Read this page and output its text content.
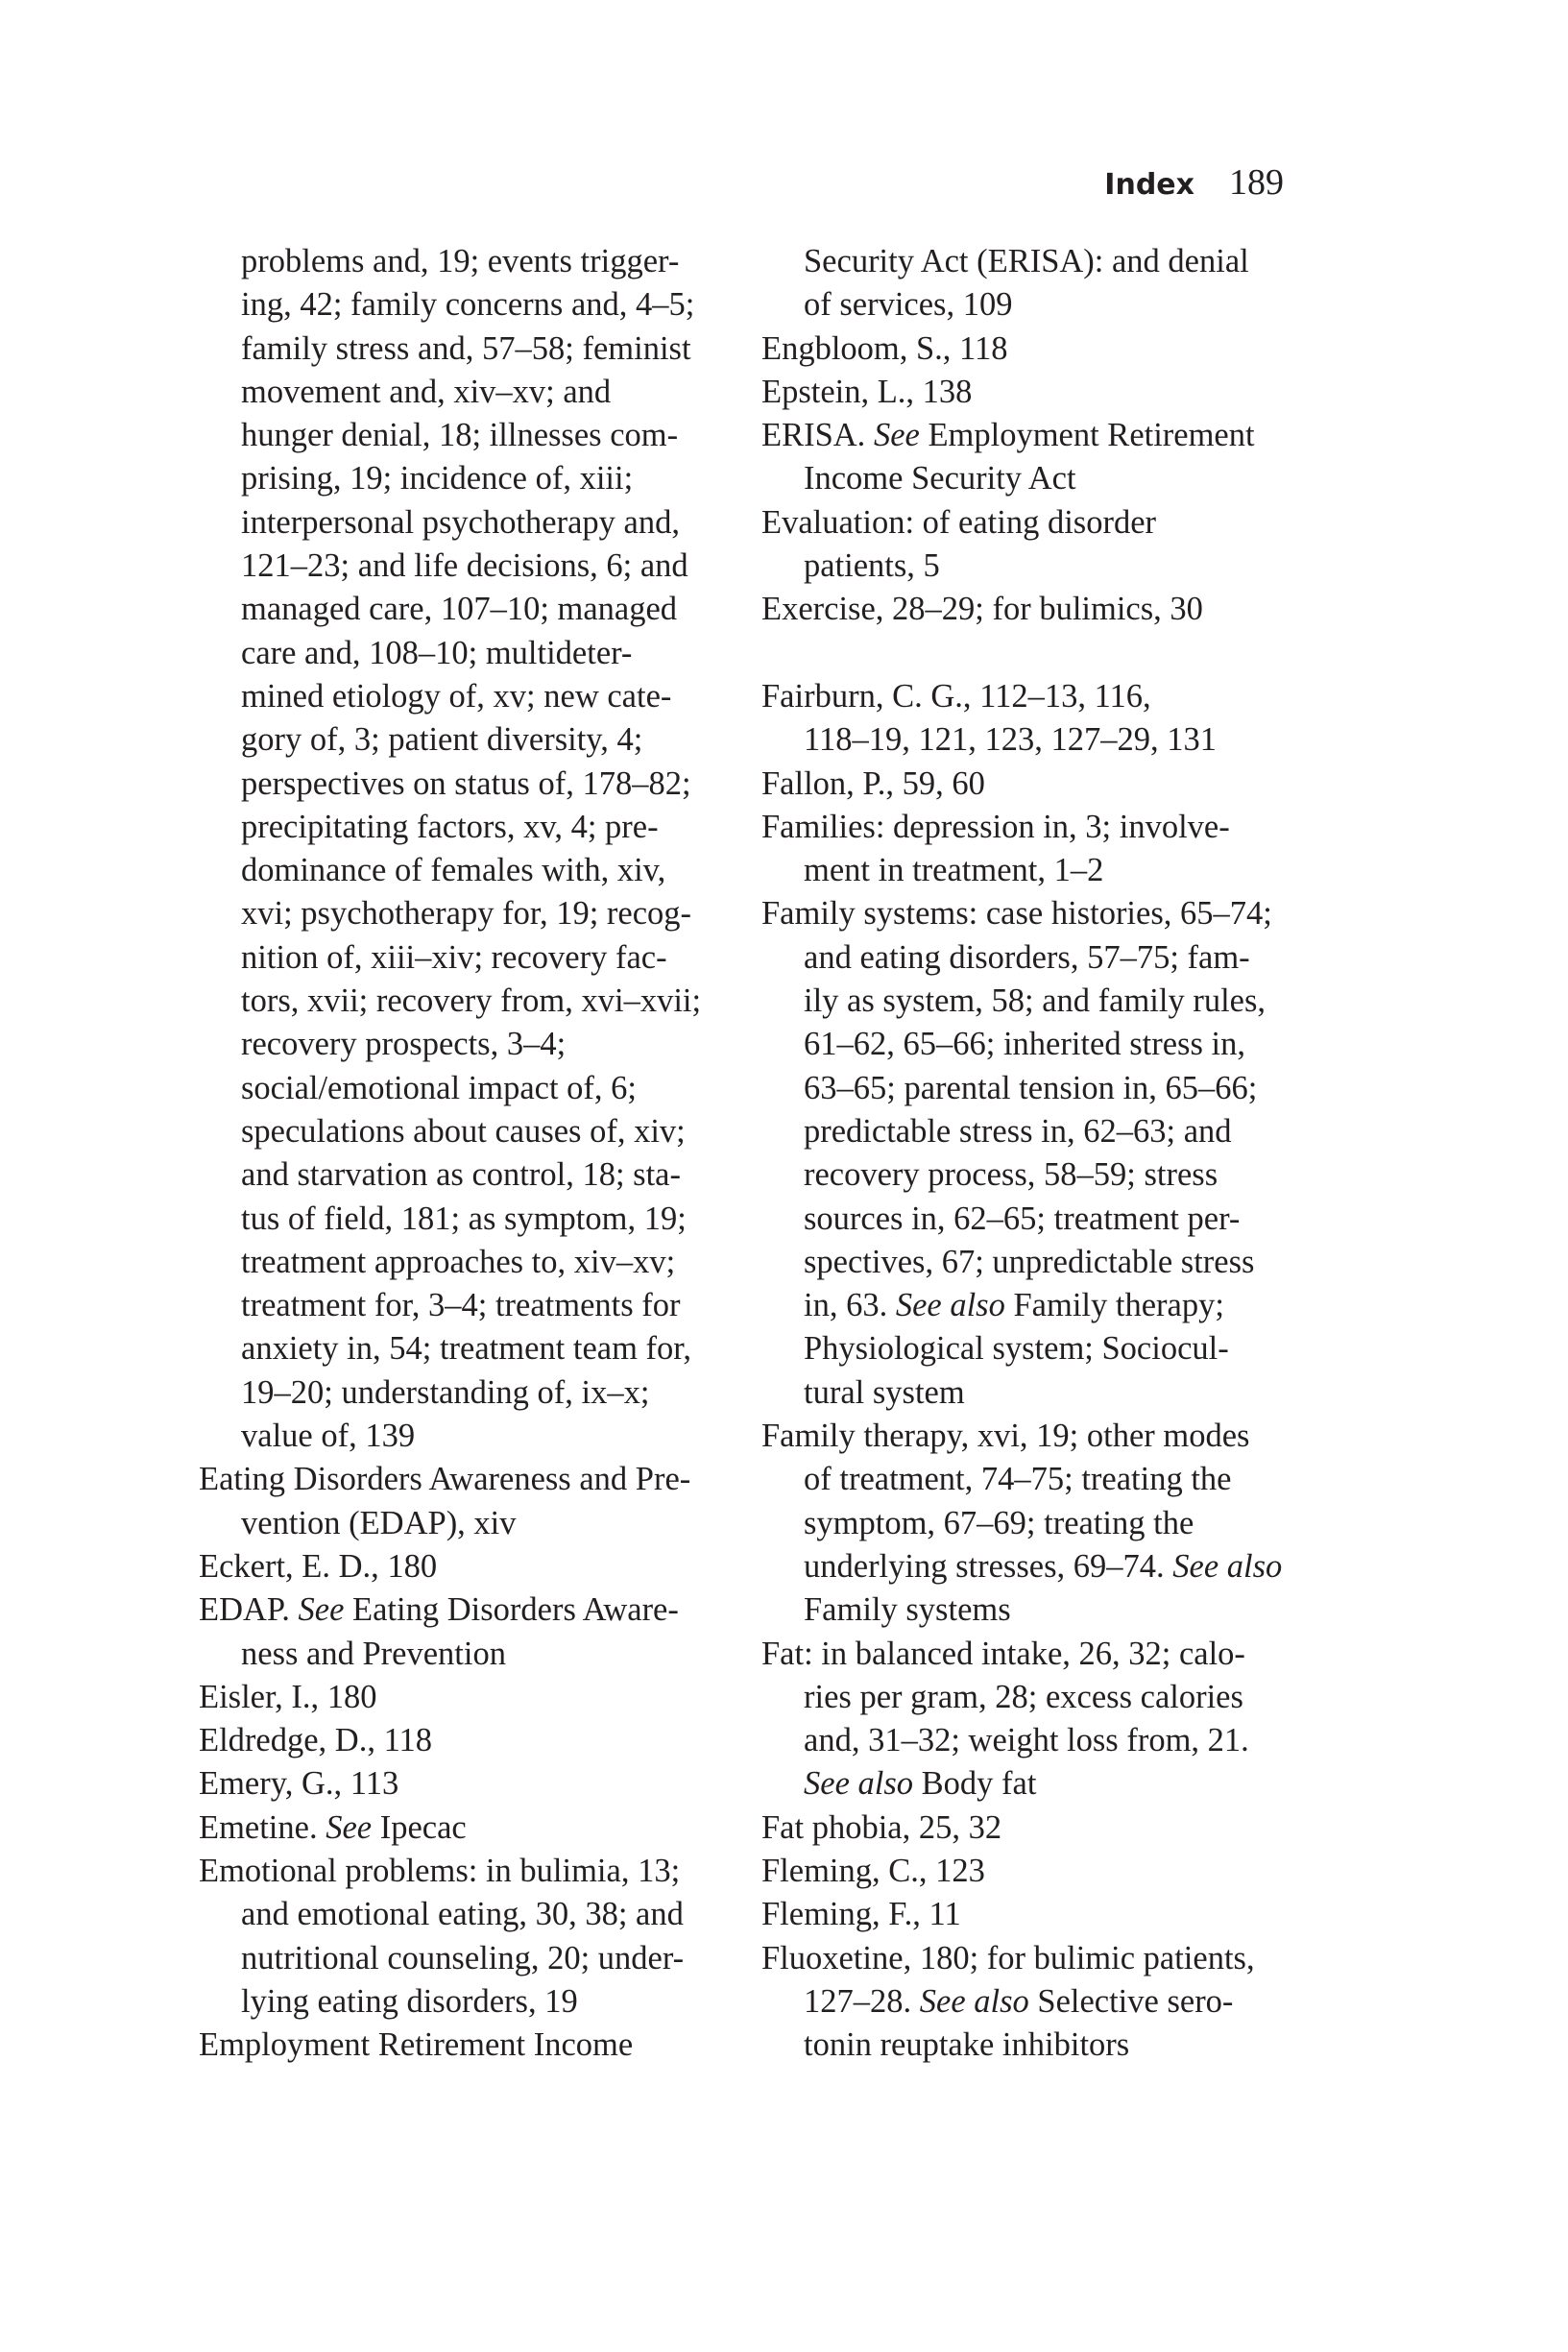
Index 189
problems and, 19; events trigger-
ing, 42; family concerns and, 4–5;
family stress and, 57–58; feminist
movement and, xiv–xv; and
hunger denial, 18; illnesses com-
prising, 19; incidence of, xiii;
interpersonal psychotherapy and,
121–23; and life decisions, 6; and
managed care, 107–10; managed
care and, 108–10; multideter-
mined etiology of, xv; new cate-
gory of, 3; patient diversity, 4;
perspectives on status of, 178–82;
precipitating factors, xv, 4; pre-
dominance of females with, xiv,
xvi; psychotherapy for, 19; recog-
nition of, xiii–xiv; recovery fac-
tors, xvii; recovery from, xvi–xvii;
recovery prospects, 3–4;
social/emotional impact of, 6;
speculations about causes of, xiv;
and starvation as control, 18; sta-
tus of field, 181; as symptom, 19;
treatment approaches to, xiv–xv;
treatment for, 3–4; treatments for
anxiety in, 54; treatment team for,
19–20; understanding of, ix–x;
value of, 139
Eating Disorders Awareness and Pre-
vention (EDAP), xiv
Eckert, E. D., 180
EDAP. See Eating Disorders Aware-
ness and Prevention
Eisler, I., 180
Eldredge, D., 118
Emery, G., 113
Emetine. See Ipecac
Emotional problems: in bulimia, 13;
and emotional eating, 30, 38; and
nutritional counseling, 20; under-
lying eating disorders, 19
Employment Retirement Income
Security Act (ERISA): and denial
of services, 109
Engbloom, S., 118
Epstein, L., 138
ERISA. See Employment Retirement
Income Security Act
Evaluation: of eating disorder
patients, 5
Exercise, 28–29; for bulimics, 30
Fairburn, C. G., 112–13, 116,
118–19, 121, 123, 127–29, 131
Fallon, P., 59, 60
Families: depression in, 3; involve-
ment in treatment, 1–2
Family systems: case histories, 65–74;
and eating disorders, 57–75; fam-
ily as system, 58; and family rules,
61–62, 65–66; inherited stress in,
63–65; parental tension in, 65–66;
predictable stress in, 62–63; and
recovery process, 58–59; stress
sources in, 62–65; treatment per-
spectives, 67; unpredictable stress
in, 63. See also Family therapy;
Physiological system; Sociocul-
tural system
Family therapy, xvi, 19; other modes
of treatment, 74–75; treating the
symptom, 67–69; treating the
underlying stresses, 69–74. See also
Family systems
Fat: in balanced intake, 26, 32; calo-
ries per gram, 28; excess calories
and, 31–32; weight loss from, 21.
See also Body fat
Fat phobia, 25, 32
Fleming, C., 123
Fleming, F., 11
Fluoxetine, 180; for bulimic patients,
127–28. See also Selective sero-
tonin reuptake inhibitors
